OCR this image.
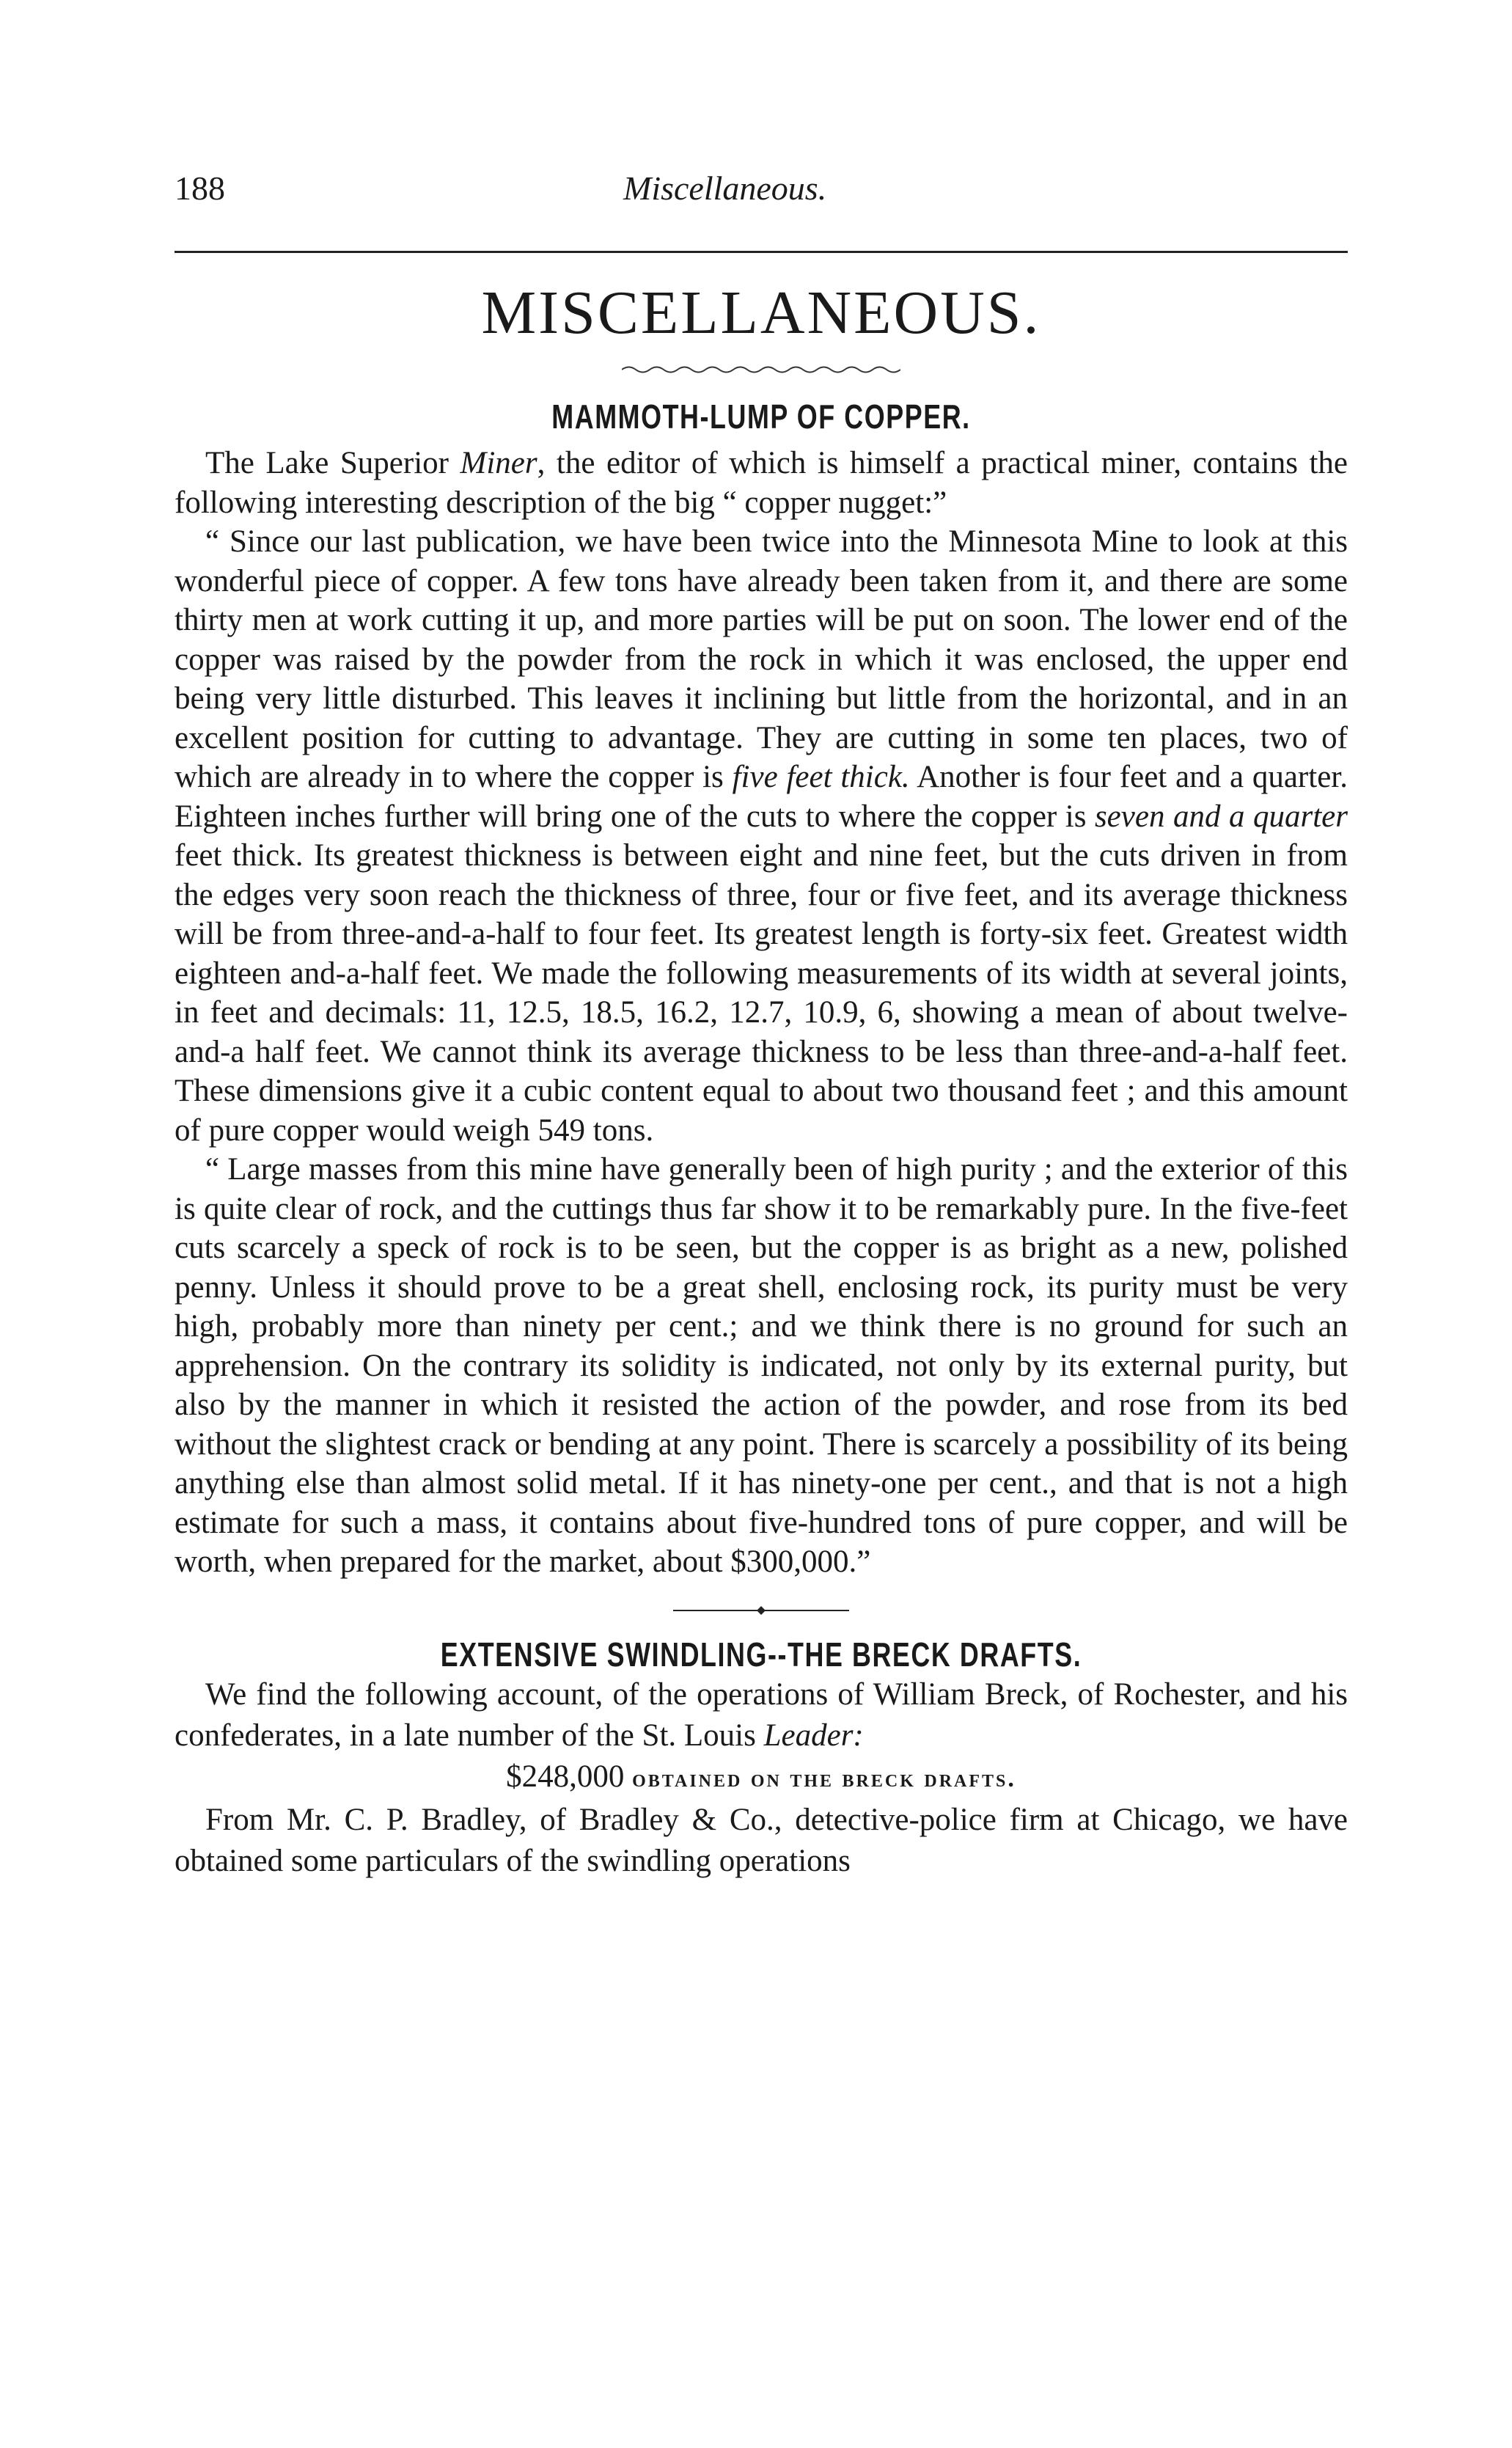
188	Miscellaneous.
MISCELLANEOUS.
MAMMOTH-LUMP OF COPPER.

The Lake Superior Miner, the editor of which is himself a practical miner, contains the following interesting description of the big “ copper nugget:”

“ Since our last publication, we have been twice into the Minnesota Mine to look at this wonderful piece of copper. A few tons have already been taken from it, and there are some thirty men at work cutting it up, and more parties will be put on soon. The lower end of the copper was raised by the powder from the rock in which it was enclosed, the upper end being very little disturbed. This leaves it inclining but little from the horizontal, and in an excellent position for cutting to advantage. They are cutting in some ten places, two of which are already in to where the copper is five feet thick. Another is four feet and a quarter. Eighteen inches further will bring one of the cuts to where the copper is seven and a quarter feet thick. Its greatest thickness is between eight and nine feet, but the cuts driven in from the edges very soon reach the thickness of three, four or five feet, and its average thickness will be from three-and-a-half to four feet. Its greatest length is forty-six feet. Greatest width eighteen and-a-half feet. We made the following measurements of its width at several joints, in feet and decimals: 11, 12.5, 18.5, 16.2, 12.7, 10.9, 6, showing a mean of about twelve-and-a half feet. We cannot think its average thickness to be less than three-and-a-half feet. These dimensions give it a cubic content equal to about two thousand feet ; and this amount of pure copper would weigh 549 tons.

“ Large masses from this mine have generally been of high purity ; and the exterior of this is quite clear of rock, and the cuttings thus far show it to be remarkably pure. In the five-feet cuts scarcely a speck of rock is to be seen, but the copper is as bright as a new, polished penny. Unless it should prove to be a great shell, enclosing rock, its purity must be very high, probably more than ninety per cent.; and we think there is no ground for such an apprehension. On the contrary its solidity is indicated, not only by its external purity, but also by the manner in which it resisted the action of the powder, and rose from its bed without the slightest crack or bending at any point. There is scarcely a possibility of its being anything else than almost solid metal. If it has ninety-one per cent., and that is not a high estimate for such a mass, it contains about five-hundred tons of pure copper, and will be worth, when prepared for the market, about $300,000.”

EXTENSIVE SWINDLING--THE BRECK DRAFTS.

We find the following account, of the operations of William Breck, of Rochester, and his confederates, in a late number of the St. Louis Leader:

$248,000 obtained on the breck drafts.

From Mr. C. P. Bradley, of Bradley & Co., detective-police firm at Chicago, we have obtained some particulars of the swindling operations
